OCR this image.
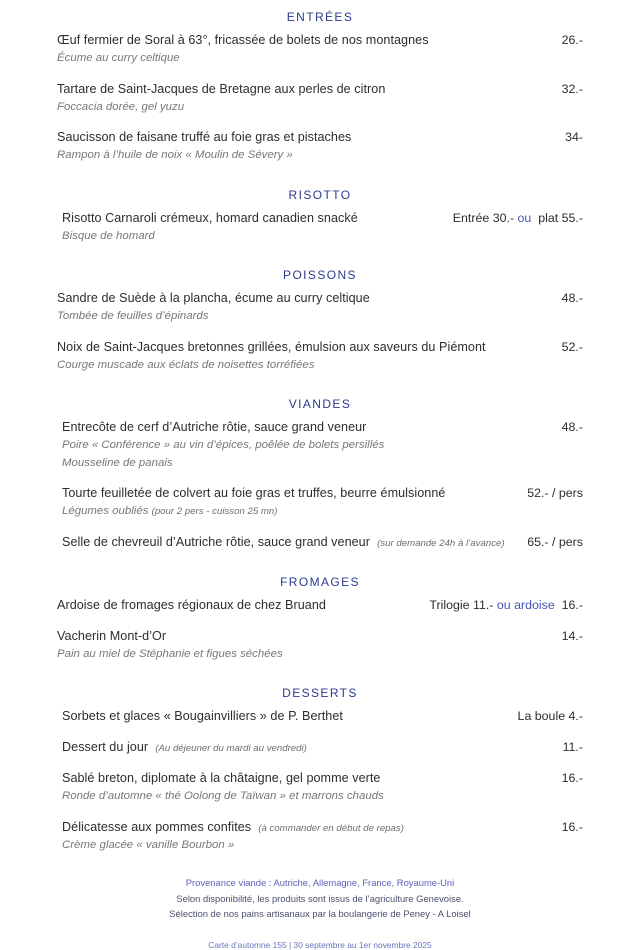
entrées
Œuf fermier de Soral à 63°, fricassée de bolets de nos montagnes	26.-
Écume au curry celtique
Tartare de Saint-Jacques de Bretagne aux perles de citron	32.-
Foccacia dorée, gel yuzu
Saucisson de faisane truffé au foie gras et pistaches	34-
Rampon à l’huile de noix « Moulin de Sévery »
risotto
Risotto Carnaroli crémeux, homard canadien snacké	Entrée 30.- ou plat 55.-
Bisque de homard
poissons
Sandre de Suède à la plancha, écume au curry celtique	48.-
Tombée de feuilles d’épinards
Noix de Saint-Jacques bretonnes grillées, émulsion aux saveurs du Piémont	52.-
Courge muscade aux éclats de noisettes torréfiées
viandes
Entrecôte de cerf d’Autriche rôtie, sauce grand veneur	48.-
Poire « Conférence » au vin d’épices, poêlée de bolets persillés
Mousseline de panais
Tourte feuilletée de colvert au foie gras et truffes, beurre émulsionné	52.- / pers
Légumes oubliés (pour 2 pers - cuisson 25 mn)
Selle de chevreuil d’Autriche rôtie, sauce grand veneur (sur demande 24h à l’avance)	65.- / pers
fromages
Ardoise de fromages régionaux de chez Bruand	Trilogie 11.- ou ardoise 16.-
Vacherin Mont-d’Or	14.-
Pain au miel de Stéphanie et figues séchées
desserts
Sorbets et glaces « Bougainvilliers » de P. Berthet	La boule 4.-
Dessert du jour (Au déjeuner du mardi au vendredi)	11.-
Sablé breton, diplomate à la châtaigne, gel pomme verte	16.-
Ronde d’automne « thé Oolong de Taïwan » et marrons chauds
Délicatesse aux pommes confites (à commander en début de repas)	16.-
Crème glacée « vanille Bourbon »
Provenance viande : Autriche, Allemagne, France, Royaume-Uni
Selon disponibilité, les produits sont issus de l’agriculture Genevoise.
Sélection de nos pains artisanaux par la boulangerie de Peney - A Loisel
Carte d’automne 155 | 30 septembre au 1er novembre 2025
